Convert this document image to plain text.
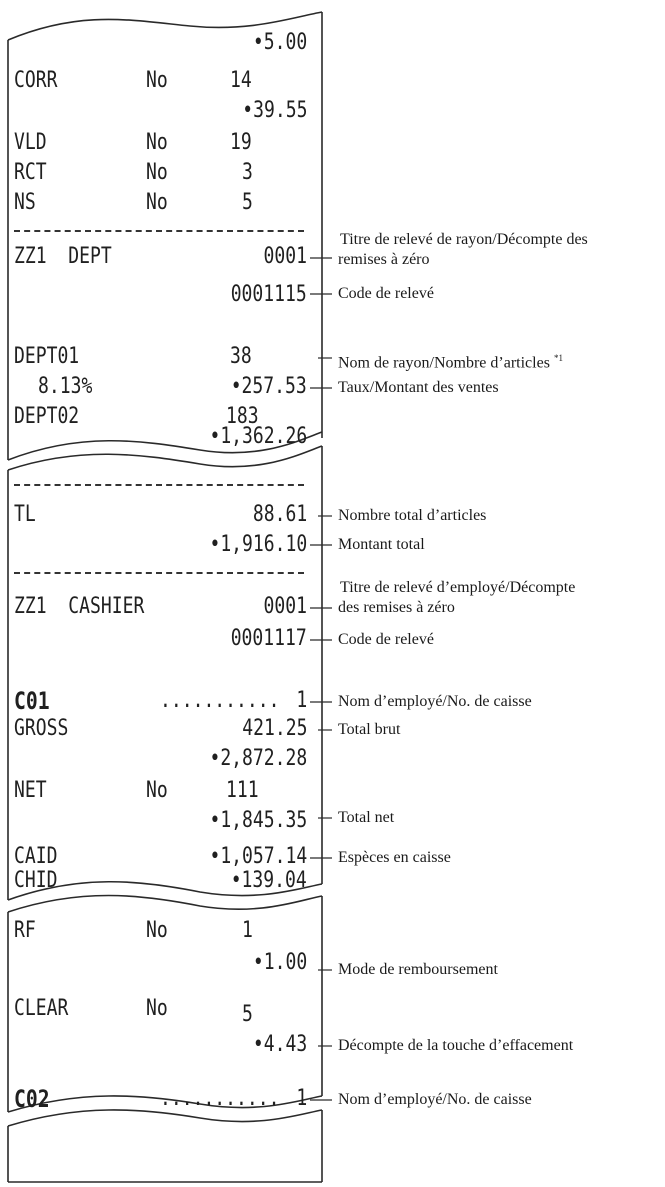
•5.00
CORR	No	14
•39.55
VLD	No	19
RCT	No	3
NS	No	5
ZZ1  DEPT	0001
0001115
DEPT01	38
8.13%	•257.53
DEPT02	183
•1,362.26
TL	88.61
•1,916.10
ZZ1  CASHIER	0001
0001117
C01	........... 1
GROSS	421.25
•2,872.28
NET	No	111
•1,845.35
CAID	•1,057.14
CHID	•139.04
RF	No	1
•1.00
CLEAR	No	5
•4.43
C02	........... 1
Titre de relevé de rayon/Décompte des
remises à zéro
Code de relevé
Nom de rayon/Nombre d’articles $^{*1}$
Taux/Montant des ventes
Nombre total d’articles
Montant total
Titre de relevé d’employé/Décompte
des remises à zéro
Code de relevé
Nom d’employé/No. de caisse
Total brut
Total net
Espèces en caisse
Mode de remboursement
Décompte de la touche d’effacement
Nom d’employé/No. de caisse
